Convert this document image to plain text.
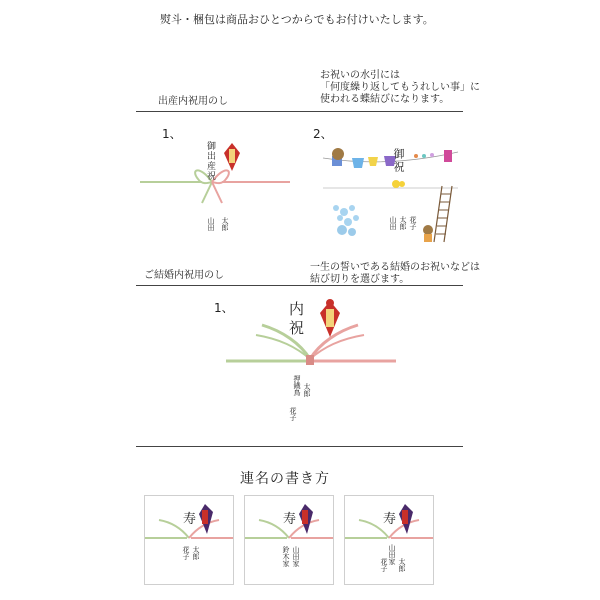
熨斗・梱包は商品おひとつからでもお付けいたします。
お祝いの水引には
「何度繰り返してもうれしい事」に
使われる蝶結びになります。
出産内祝用のし
1、
御出産祝
太郎
山田
2、
御祝
太郎
山田 花子
一生の誓いである結婚のお祝いなどは
結び切りを選びます。
ご結婚内祝用のし
1、	内祝
太郎
花子
押鐡鳥
連名の書き方
寿
太郎
花子
寿
山田家
鈴木家
寿
山田家 太郎
花子
